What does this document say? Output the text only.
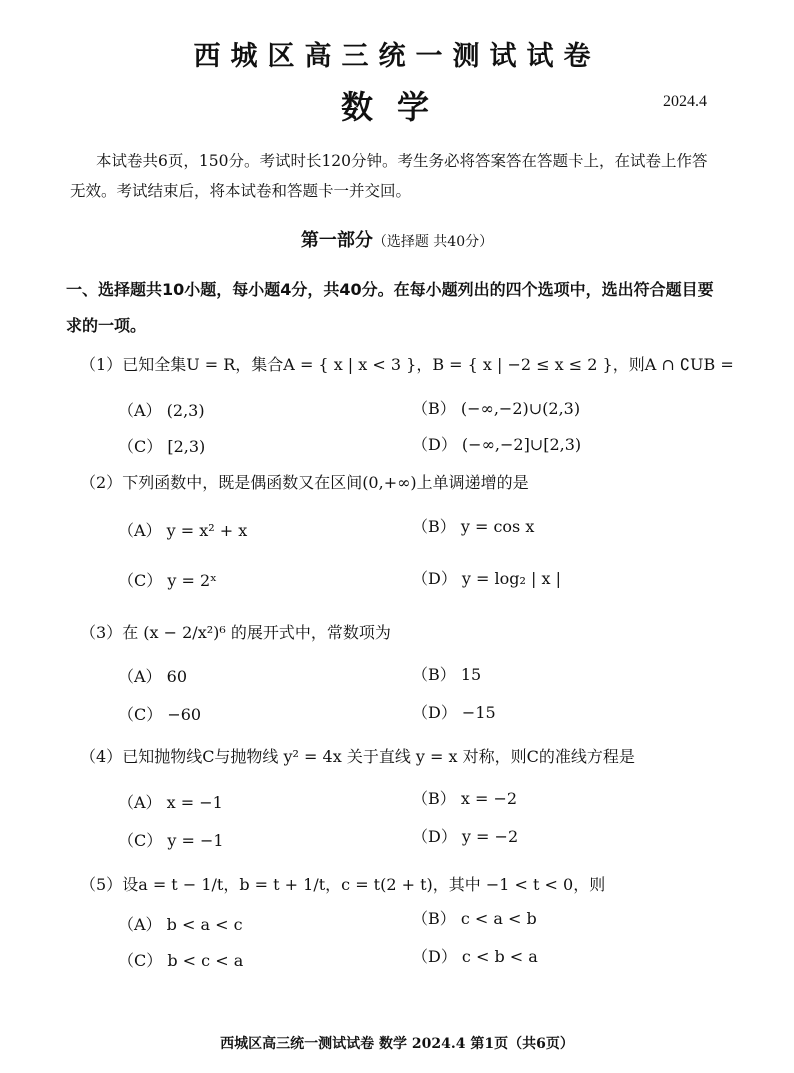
西城区高三统一测试试卷
数学	2024.4
本试卷共6页，150分。考试时长120分钟。考生务必将答案答在答题卡上，在试卷上作答无效。考试结束后，将本试卷和答题卡一并交回。
第一部分（选择题 共40分）
一、选择题共10小题，每小题4分，共40分。在每小题列出的四个选项中，选出符合题目要求的一项。
（1）已知全集U = R，集合A = { x | x < 3 }，B = { x | −2 ≤ x ≤ 2 }，则A ∩ ∁UB =
（A） (2,3)	（B） (−∞,−2)∪(2,3)
（C） [2,3)	（D） (−∞,−2]∪[2,3)
（2）下列函数中，既是偶函数又在区间(0,+∞)上单调递增的是
（A） y = x² + x	（B） y = cos x
（C） y = 2ˣ	（D） y = log₂ | x |
（3）在 (x − 2/x²)⁶ 的展开式中，常数项为
（A） 60	（B） 15
（C） −60	（D） −15
（4）已知抛物线C与抛物线 y² = 4x 关于直线 y = x 对称，则C的准线方程是
（A） x = −1	（B） x = −2
（C） y = −1	（D） y = −2
（5）设a = t − 1/t，b = t + 1/t，c = t(2 + t)，其中 −1 < t < 0，则
（A） b < a < c	（B） c < a < b
（C） b < c < a	（D） c < b < a
西城区高三统一测试试卷 数学 2024.4 第1页（共6页）
